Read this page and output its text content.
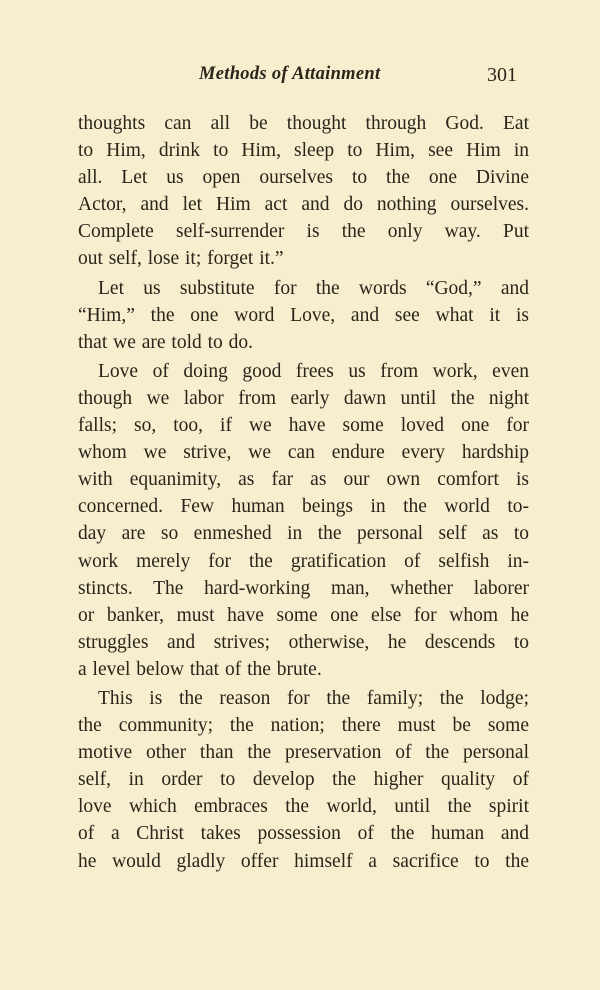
Methods of Attainment	301
thoughts can all be thought through God. Eat
to Him, drink to Him, sleep to Him, see Him in
all. Let us open ourselves to the one Divine
Actor, and let Him act and do nothing ourselves.
Complete self-surrender is the only way. Put
out self, lose it; forget it.”
Let us substitute for the words “God,” and
“Him,” the one word Love, and see what it is
that we are told to do.
Love of doing good frees us from work, even
though we labor from early dawn until the night
falls; so, too, if we have some loved one for
whom we strive, we can endure every hardship
with equanimity, as far as our own comfort is
concerned. Few human beings in the world to-
day are so enmeshed in the personal self as to
work merely for the gratification of selfish in-
stincts. The hard-working man, whether laborer
or banker, must have some one else for whom he
struggles and strives; otherwise, he descends to
a level below that of the brute.
This is the reason for the family; the lodge;
the community; the nation; there must be some
motive other than the preservation of the personal
self, in order to develop the higher quality of
love which embraces the world, until the spirit
of a Christ takes possession of the human and
he would gladly offer himself a sacrifice to the
